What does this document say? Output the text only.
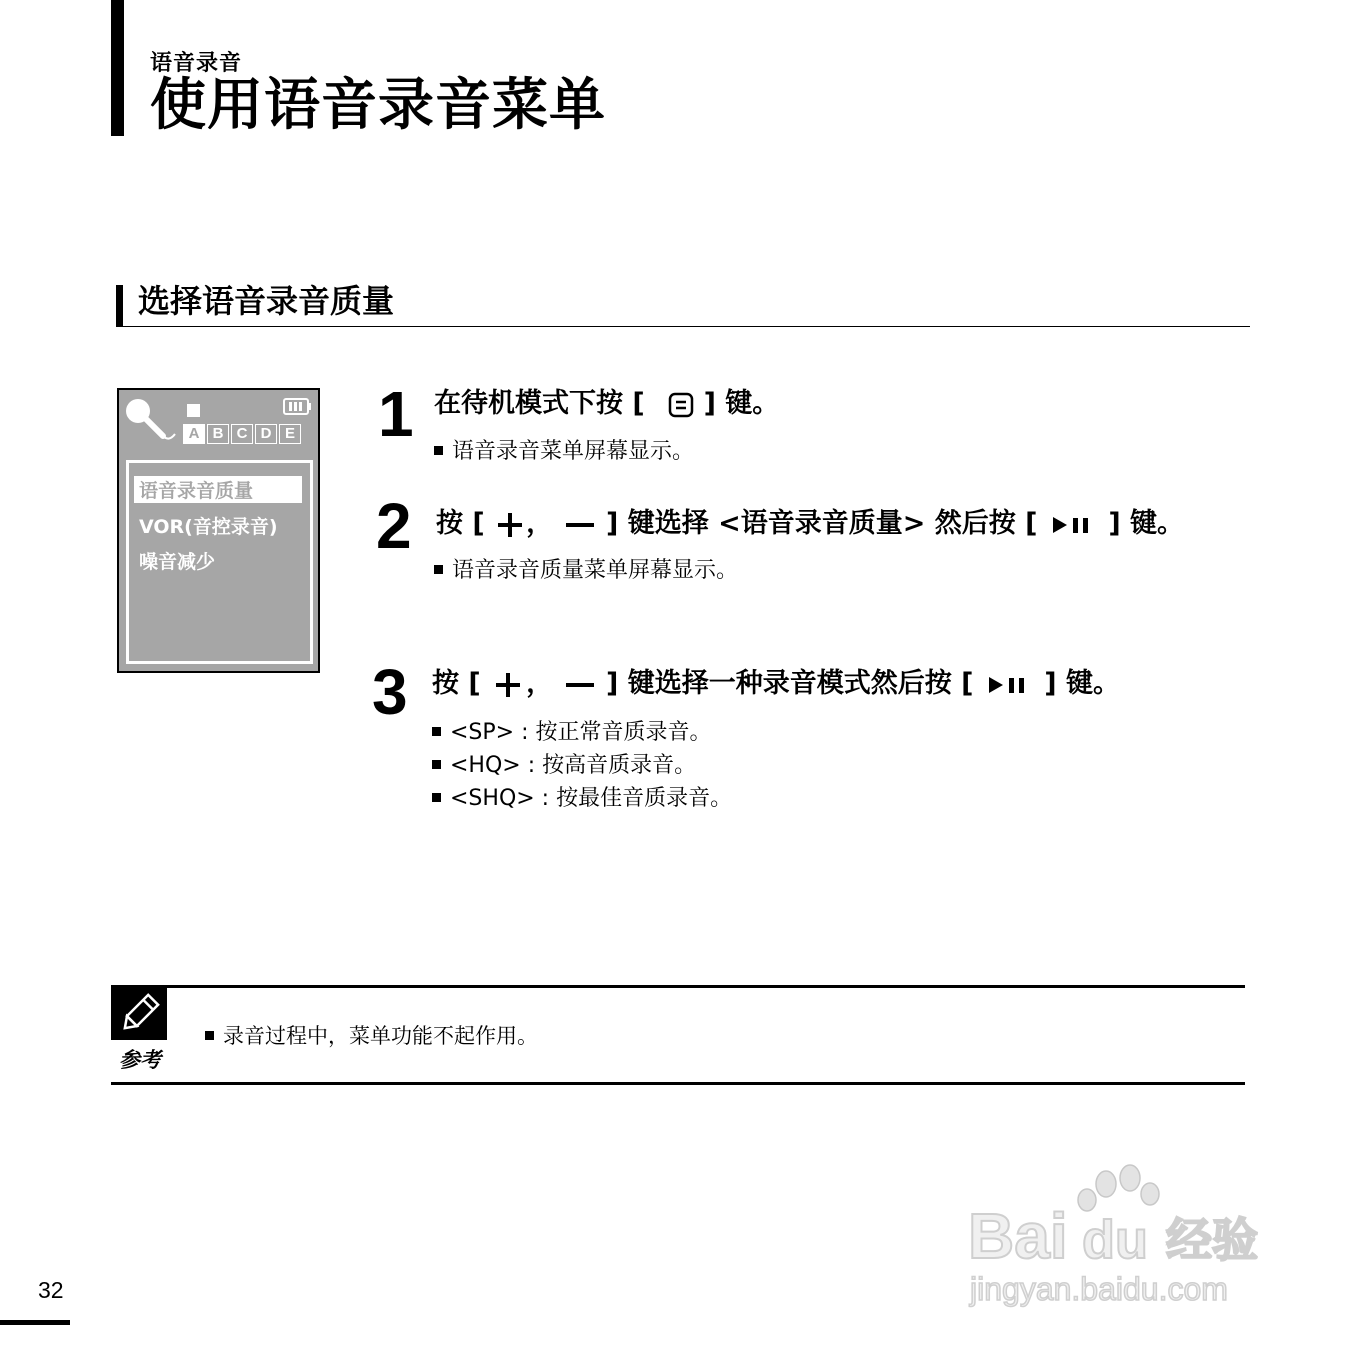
语音录音
使用语音录音菜单
选择语音录音质量
A B C D E
语音录音质量
VOR(音控录音)
噪音减少
1 在待机模式下按 [ ] 键。
语音录音菜单屏幕显示。
2 按 [ ， ] 键选择 <语音录音质量> 然后按 [	] 键。
语音录音质量菜单屏幕显示。
3 按 [ ， ] 键选择一种录音模式然后按 [	] 键。
<SP> : 按正常音质录音。
<HQ> : 按高音质录音。
<SHQ> : 按最佳音质录音。
参考
录音过程中，菜单功能不起作用。
32
Bai du 经验
jingyan.baidu.com
